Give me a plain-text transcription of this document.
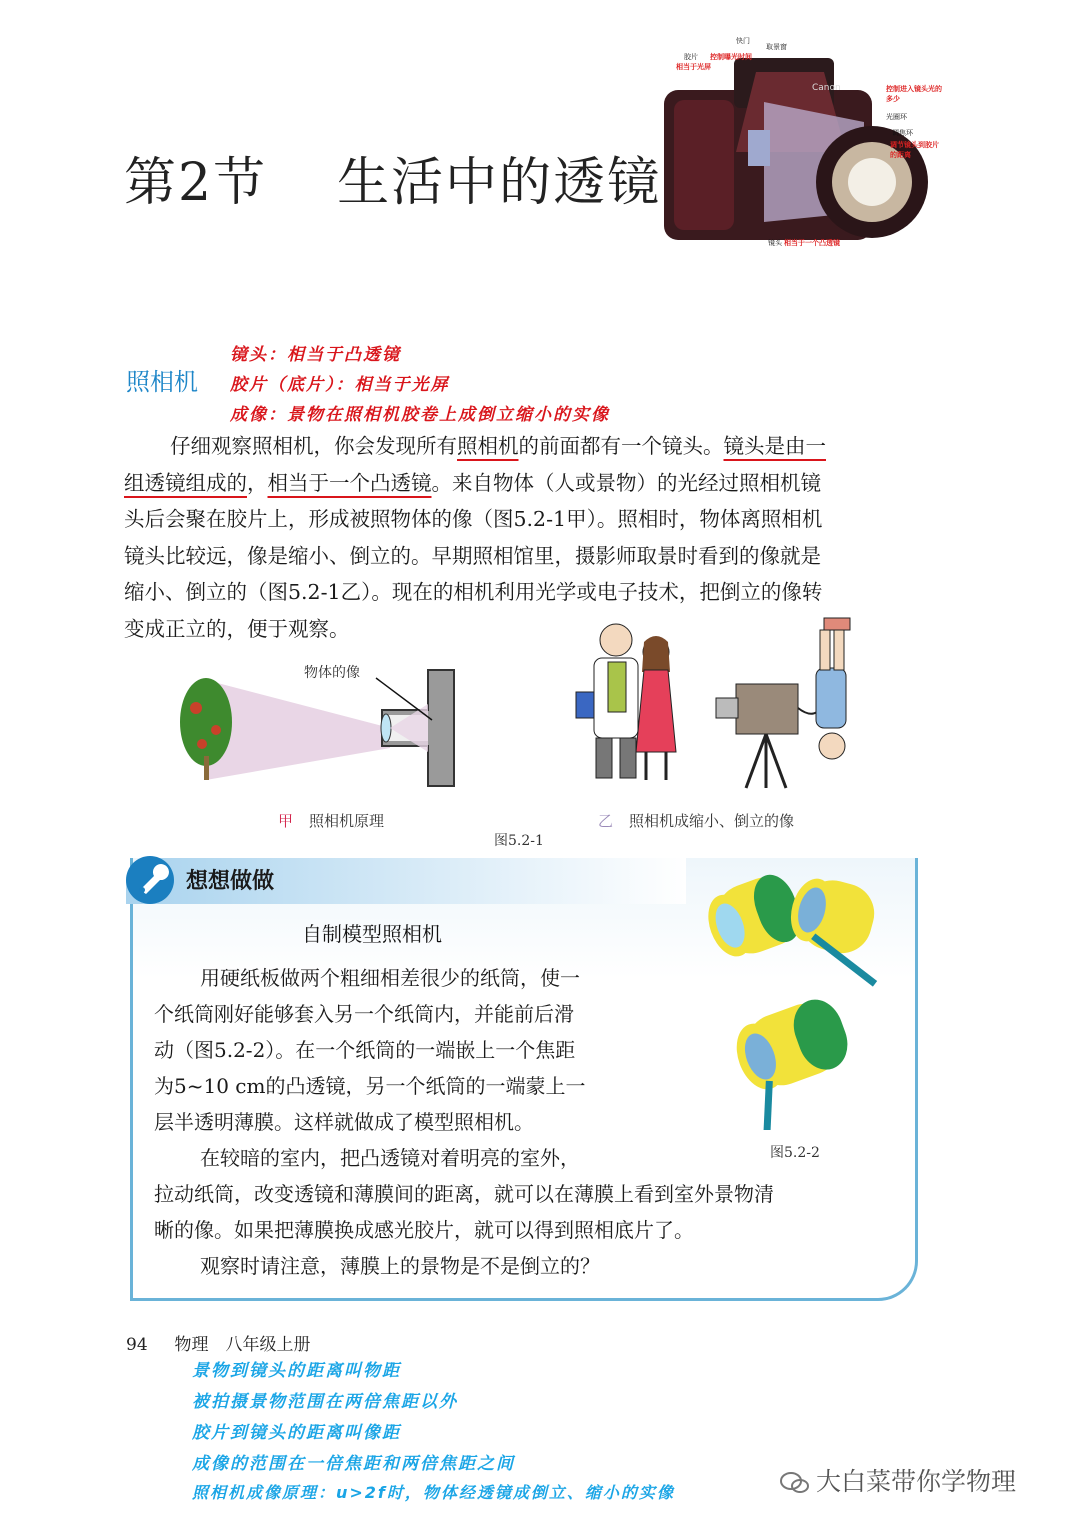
第2节 生活中的透镜
Canon
快门
取景窗
胶片 控制曝光时间
相当于光屏
控制进入镜头光的多少
光圈环
调焦环
调节镜头到胶片的距离
镜头 相当于一个凸透镜
照相机
镜头：相当于凸透镜
胶片（底片）：相当于光屏
成像：景物在照相机胶卷上成倒立缩小的实像
仔细观察照相机，你会发现所有照相机的前面都有一个镜头。镜头是由一
组透镜组成的，相当于一个凸透镜。来自物体（人或景物）的光经过照相机镜
头后会聚在胶片上，形成被照物体的像（图5.2-1甲）。照相时，物体离照相机
镜头比较远，像是缩小、倒立的。早期照相馆里，摄影师取景时看到的像就是
缩小、倒立的（图5.2-1乙）。现在的相机利用光学或电子技术，把倒立的像转
变成正立的，便于观察。
物体的像
甲 照相机原理	乙 照相机成缩小、倒立的像
图5.2-1
想想做做
自制模型照相机
用硬纸板做两个粗细相差很少的纸筒，使一
个纸筒刚好能够套入另一个纸筒内，并能前后滑
动（图5.2-2）。在一个纸筒的一端嵌上一个焦距
为5~10 cm的凸透镜，另一个纸筒的一端蒙上一
层半透明薄膜。这样就做成了模型照相机。
在较暗的室内，把凸透镜对着明亮的室外，
拉动纸筒，改变透镜和薄膜间的距离，就可以在薄膜上看到室外景物清
晰的像。如果把薄膜换成感光胶片，就可以得到照相底片了。
观察时请注意，薄膜上的景物是不是倒立的？
图5.2-2
94 物理　八年级上册
景物到镜头的距离叫物距
被拍摄景物范围在两倍焦距以外
胶片到镜头的距离叫像距
成像的范围在一倍焦距和两倍焦距之间
照相机成像原理：u>2f时，物体经透镜成倒立、缩小的实像	大白菜带你学物理
